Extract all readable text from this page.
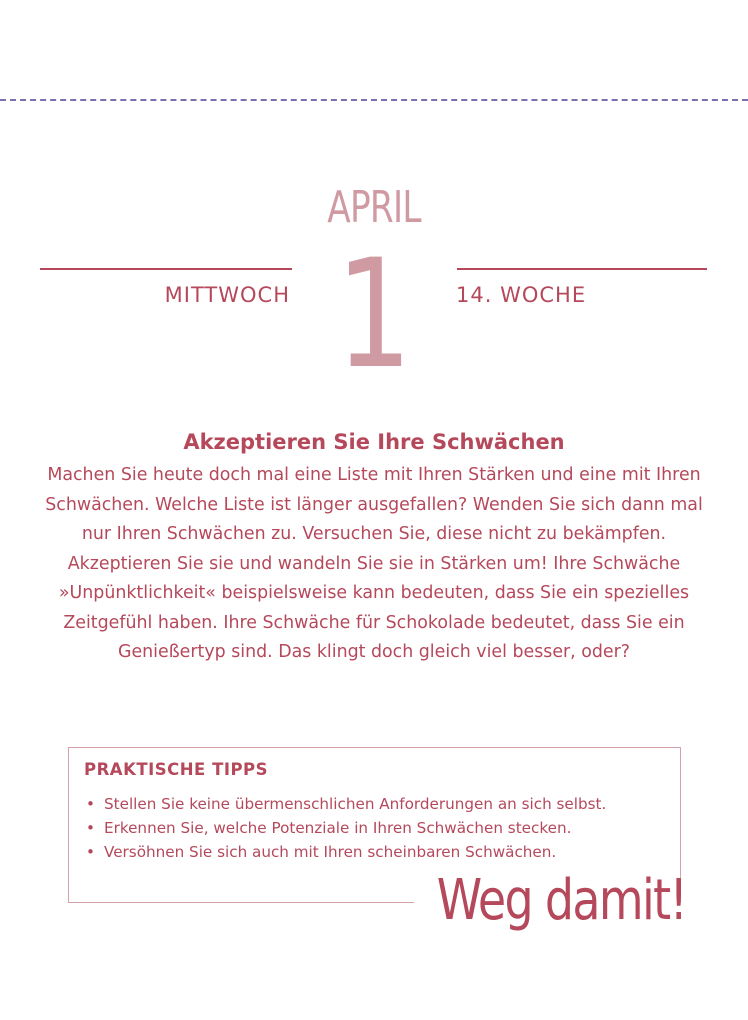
APRIL
MITTWOCH 1	14. WOCHE
Akzeptieren Sie Ihre Schwächen
Machen Sie heute doch mal eine Liste mit Ihren Stärken und eine mit Ihren Schwächen. Welche Liste ist länger ausgefallen? Wenden Sie sich dann mal nur Ihren Schwächen zu. Versuchen Sie, diese nicht zu bekämpfen. Akzeptieren Sie sie und wandeln Sie sie in Stärken um! Ihre Schwäche »Unpünktlichkeit« beispielsweise kann bedeuten, dass Sie ein spezielles Zeitgefühl haben. Ihre Schwäche für Schokolade bedeutet, dass Sie ein Genießertyp sind. Das klingt doch gleich viel besser, oder?
PRAKTISCHE TIPPS
• Stellen Sie keine übermenschlichen Anforderungen an sich selbst.
• Erkennen Sie, welche Potenziale in Ihren Schwächen stecken.
• Versöhnen Sie sich auch mit Ihren scheinbaren Schwächen.
Weg damit!
